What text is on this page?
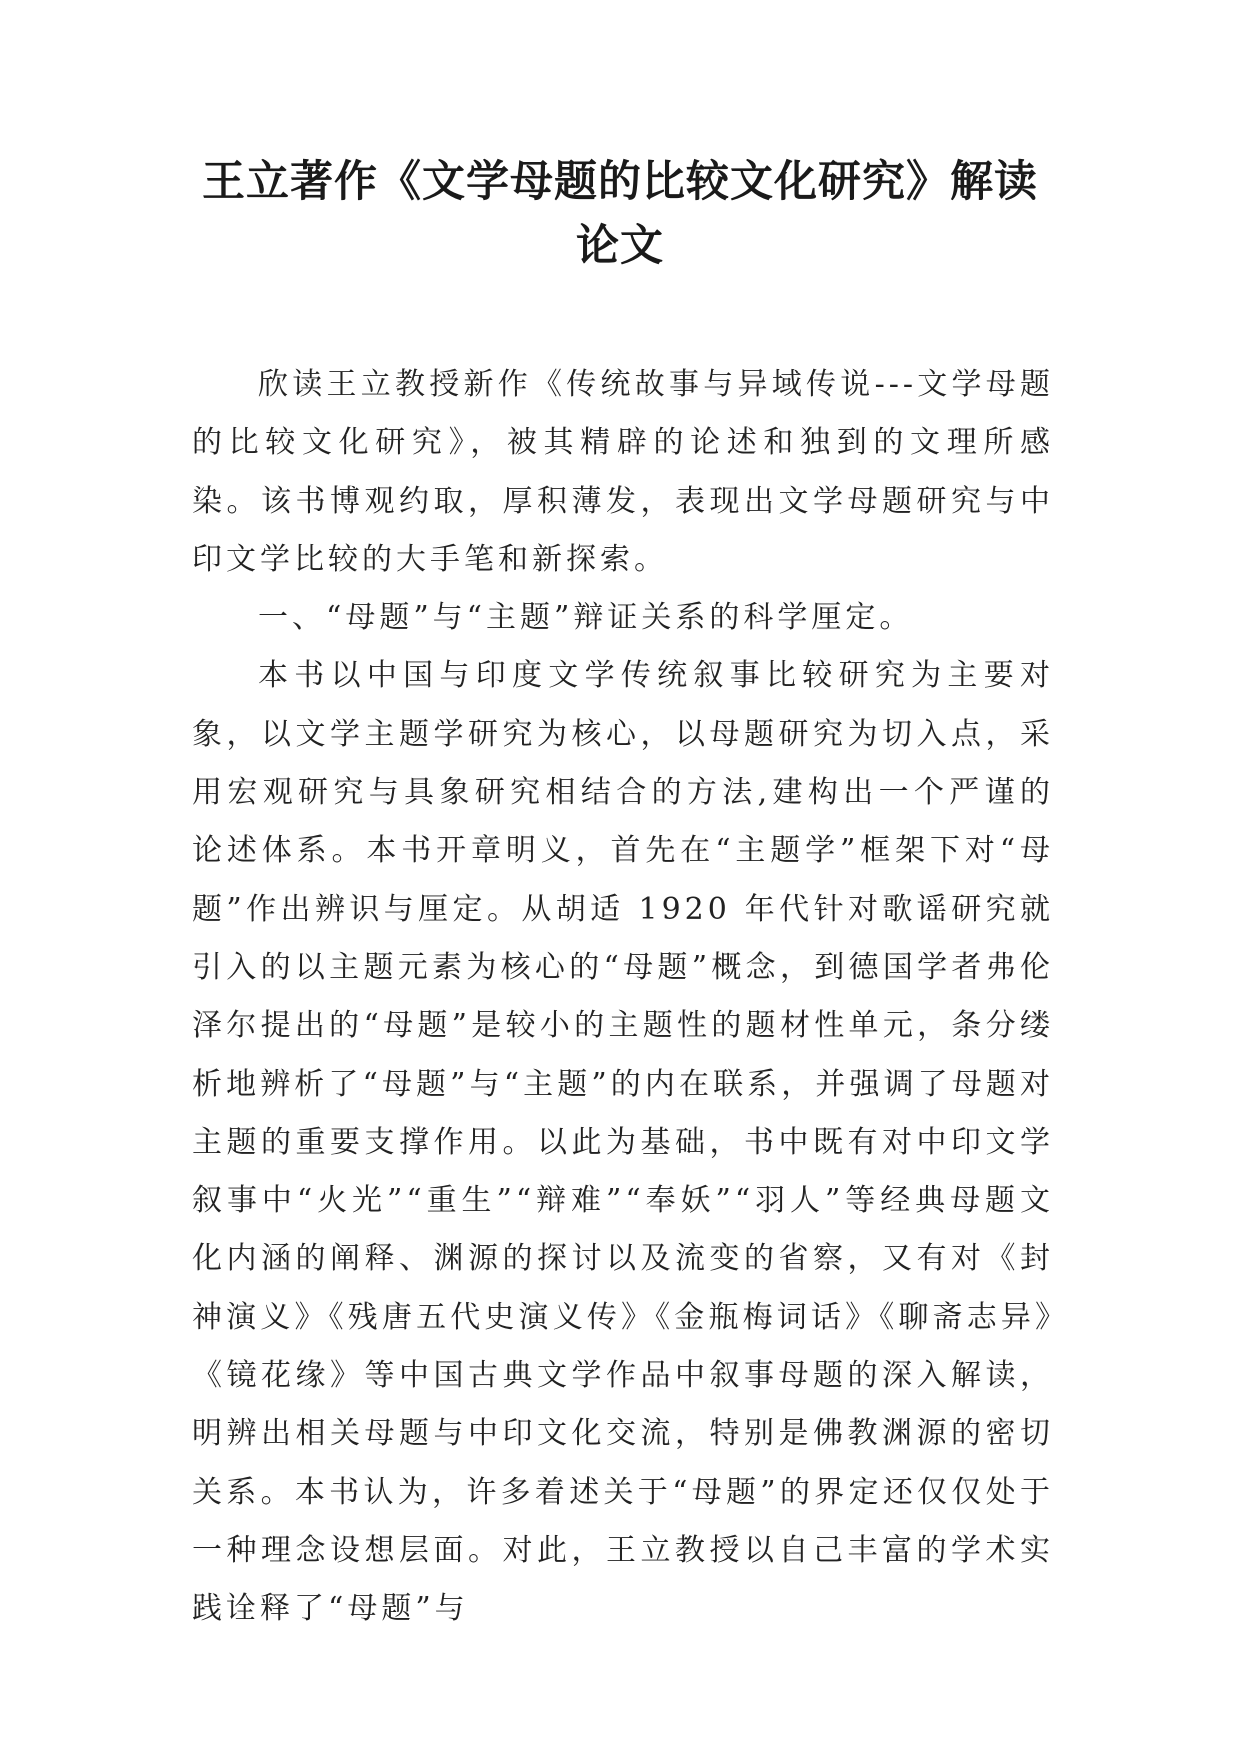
王立著作《文学母题的比较文化研究》解读
论文

欣读王立教授新作《传统故事与异域传说---文学母题的比较文化研究》，被其精辟的论述和独到的文理所感染。该书博观约取，厚积薄发，表现出文学母题研究与中印文学比较的大手笔和新探索。

一、“母题”与“主题”辩证关系的科学厘定。

本书以中国与印度文学传统叙事比较研究为主要对象，以文学主题学研究为核心，以母题研究为切入点，采用宏观研究与具象研究相结合的方法,建构出一个严谨的论述体系。本书开章明义，首先在“主题学”框架下对“母题”作出辨识与厘定。从胡适 1920 年代针对歌谣研究就引入的以主题元素为核心的“母题”概念，到德国学者弗伦泽尔提出的“母题”是较小的主题性的题材性单元，条分缕析地辨析了“母题”与“主题”的内在联系，并强调了母题对主题的重要支撑作用。以此为基础，书中既有对中印文学叙事中“火光”“重生”“辩难”“奉妖”“羽人”等经典母题文化内涵的阐释、渊源的探讨以及流变的省察，又有对《封神演义》《残唐五代史演义传》《金瓶梅词话》《聊斋志异》《镜花缘》等中国古典文学作品中叙事母题的深入解读，明辨出相关母题与中印文化交流，特别是佛教渊源的密切关系。本书认为，许多着述关于“母题”的界定还仅仅处于一种理念设想层面。对此，王立教授以自己丰富的学术实践诠释了“母题”与
